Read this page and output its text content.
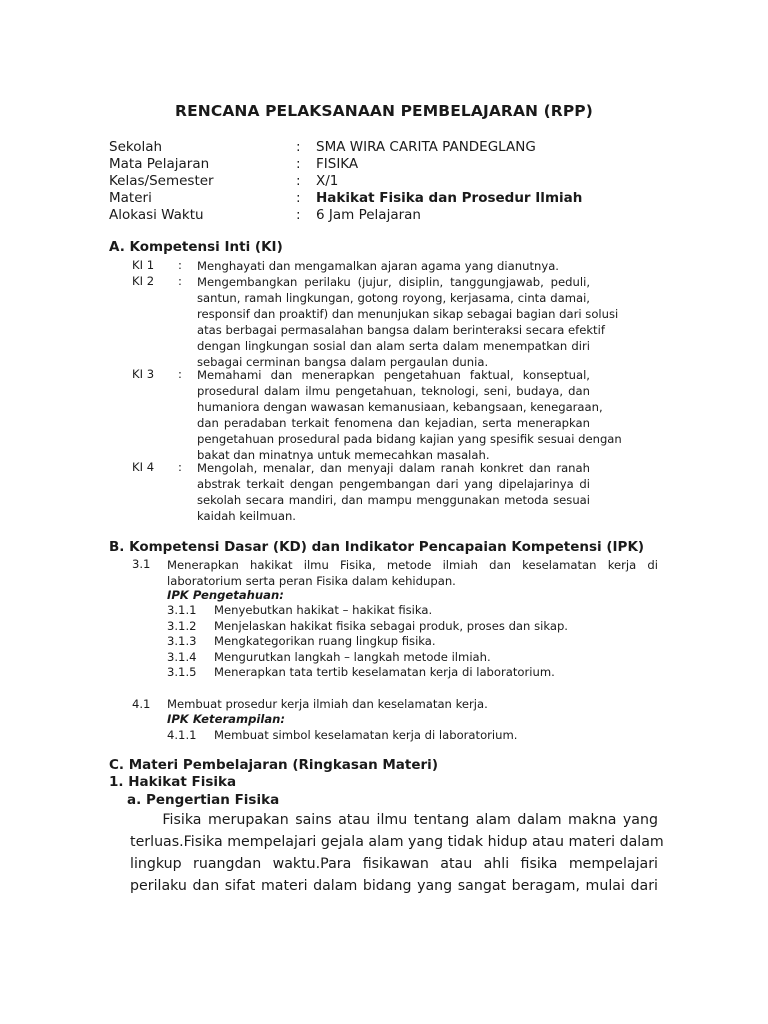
RENCANA PELAKSANAAN PEMBELAJARAN (RPP)
Sekolah	: SMA WIRA CARITA PANDEGLANG
Mata Pelajaran	: FISIKA
Kelas/Semester	: X/1
Materi	: Hakikat Fisika dan Prosedur Ilmiah
Alokasi Waktu	: 6 Jam Pelajaran
A. Kompetensi Inti (KI)
KI 1 : Menghayati dan mengamalkan ajaran agama yang dianutnya.
KI 2 : Mengembangkan perilaku (jujur, disiplin, tanggungjawab, peduli,
santun, ramah lingkungan, gotong royong, kerjasama, cinta damai,
responsif dan proaktif) dan menunjukan sikap sebagai bagian dari solusi
atas berbagai permasalahan bangsa dalam berinteraksi secara efektif
dengan lingkungan sosial dan alam serta dalam menempatkan diri
sebagai cerminan bangsa dalam pergaulan dunia.
KI 3 : Memahami dan menerapkan pengetahuan faktual, konseptual,
prosedural dalam ilmu pengetahuan, teknologi, seni, budaya, dan
humaniora dengan wawasan kemanusiaan, kebangsaan, kenegaraan,
dan peradaban terkait fenomena dan kejadian, serta menerapkan
pengetahuan prosedural pada bidang kajian yang spesifik sesuai dengan
bakat dan minatnya untuk memecahkan masalah.
KI 4 : Mengolah, menalar, dan menyaji dalam ranah konkret dan ranah
abstrak terkait dengan pengembangan dari yang dipelajarinya di
sekolah secara mandiri, dan mampu menggunakan metoda sesuai
kaidah keilmuan.
B. Kompetensi Dasar (KD) dan Indikator Pencapaian Kompetensi (IPK)
3.1 Menerapkan hakikat ilmu Fisika, metode ilmiah dan keselamatan kerja di
laboratorium serta peran Fisika dalam kehidupan.
IPK Pengetahuan:
3.1.1 Menyebutkan hakikat – hakikat fisika.
3.1.2 Menjelaskan hakikat fisika sebagai produk, proses dan sikap.
3.1.3 Mengkategorikan ruang lingkup fisika.
3.1.4 Mengurutkan langkah – langkah metode ilmiah.
3.1.5 Menerapkan tata tertib keselamatan kerja di laboratorium.
4.1 Membuat prosedur kerja ilmiah dan keselamatan kerja.
IPK Keterampilan:
4.1.1 Membuat simbol keselamatan kerja di laboratorium.
C. Materi Pembelajaran (Ringkasan Materi)
1. Hakikat Fisika
a. Pengertian Fisika
Fisika merupakan sains atau ilmu tentang alam dalam makna yang
terluas.Fisika mempelajari gejala alam yang tidak hidup atau materi dalam
lingkup ruangdan waktu.Para fisikawan atau ahli fisika mempelajari
perilaku dan sifat materi dalam bidang yang sangat beragam, mulai dari
